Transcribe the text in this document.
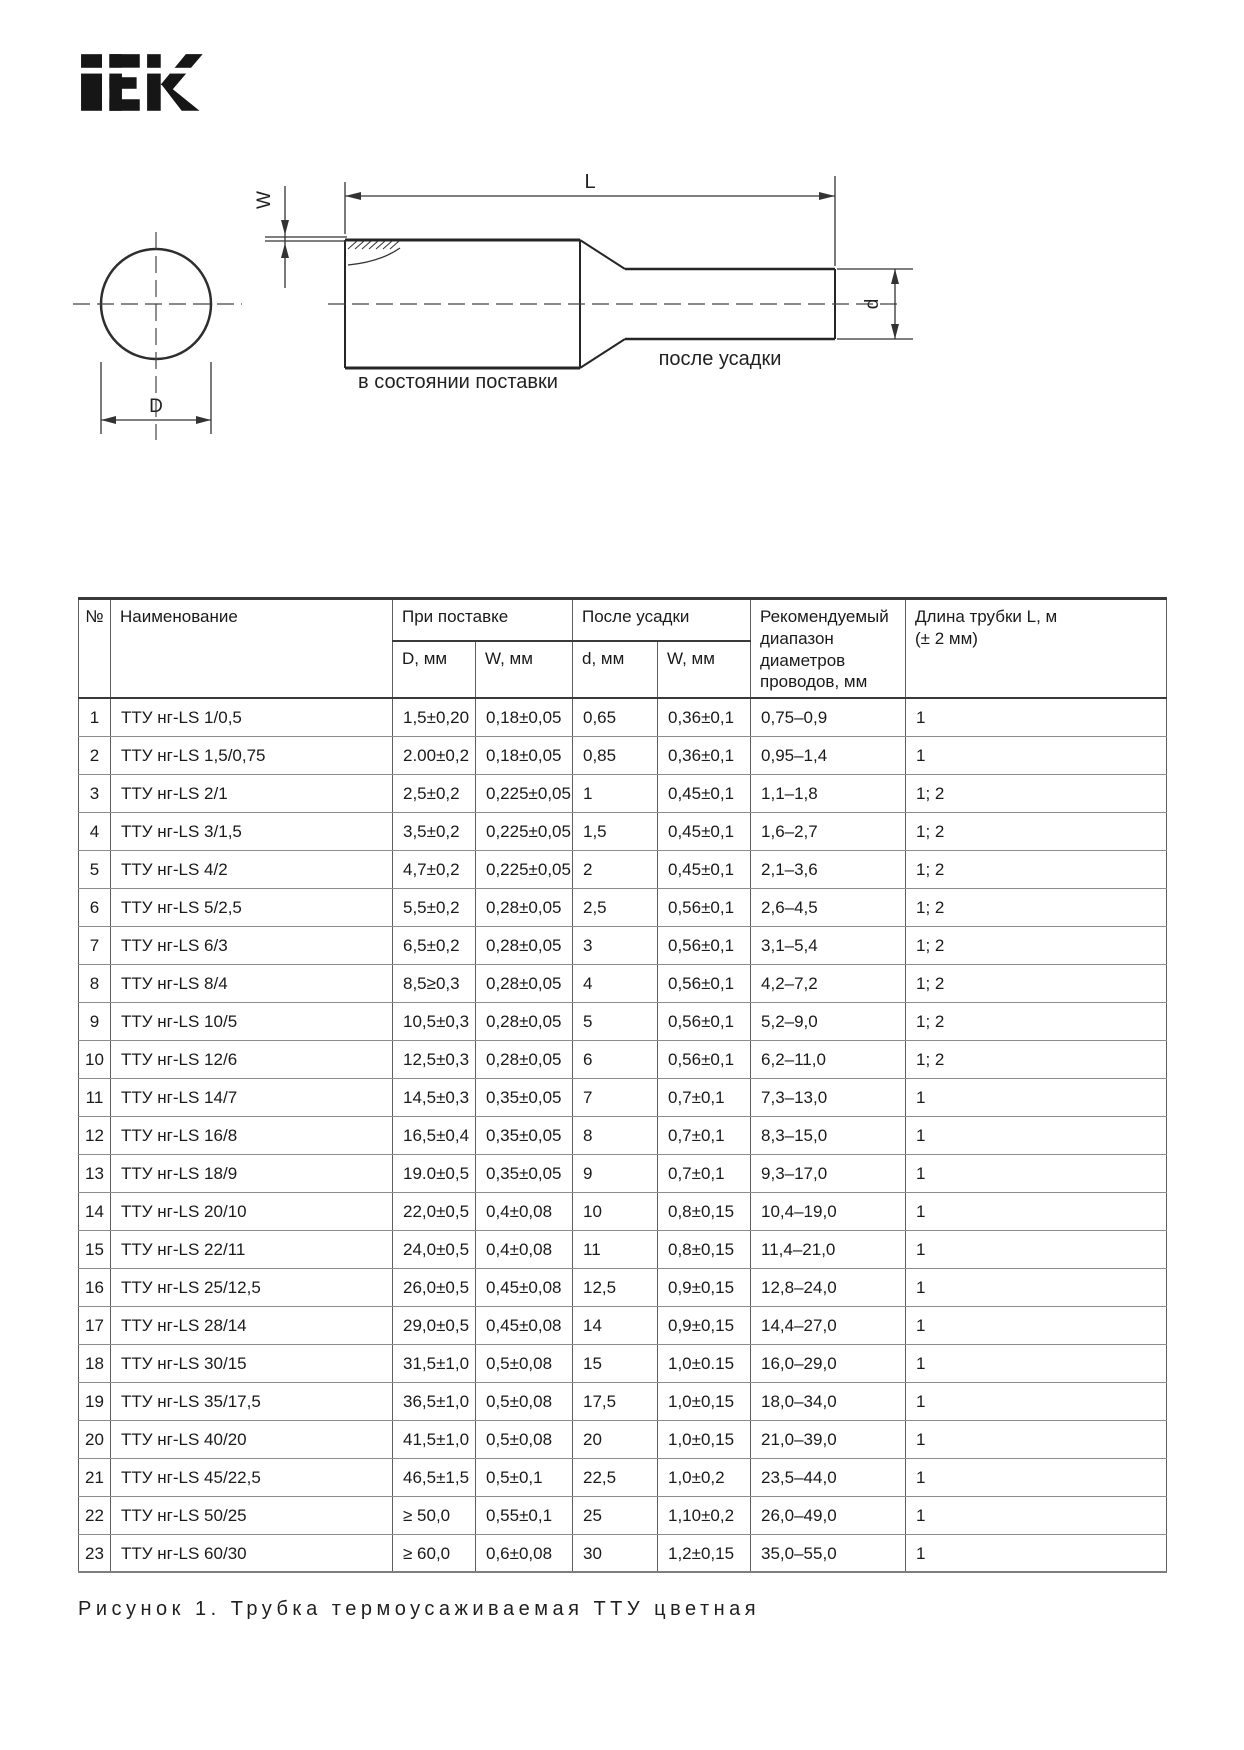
D
W
L
d
в состоянии поставки
после усадки
№	Наименование	При поставке		После усадки		Рекомендуемый
диапазон диаметров
проводов, мм	Длина трубки L, м
(± 2 мм)

		D, мм	W, мм	d, мм	W, мм		
1	ТТУ нг-LS 1/0,5	1,5±0,20	0,18±0,05	0,65	0,36±0,1	0,75–0,9	1
2	ТТУ нг-LS 1,5/0,75	2.00±0,2	0,18±0,05	0,85	0,36±0,1	0,95–1,4	1
3	ТТУ нг-LS 2/1	2,5±0,2	0,225±0,05	1	0,45±0,1	1,1–1,8	1; 2
4	ТТУ нг-LS 3/1,5	3,5±0,2	0,225±0,05	1,5	0,45±0,1	1,6–2,7	1; 2
5	ТТУ нг-LS 4/2	4,7±0,2	0,225±0,05	2	0,45±0,1	2,1–3,6	1; 2
6	ТТУ нг-LS 5/2,5	5,5±0,2	0,28±0,05	2,5	0,56±0,1	2,6–4,5	1; 2
7	ТТУ нг-LS 6/3	6,5±0,2	0,28±0,05	3	0,56±0,1	3,1–5,4	1; 2
8	ТТУ нг-LS 8/4	8,5≥0,3	0,28±0,05	4	0,56±0,1	4,2–7,2	1; 2
9	ТТУ нг-LS 10/5	10,5±0,3	0,28±0,05	5	0,56±0,1	5,2–9,0	1; 2
10	ТТУ нг-LS 12/6	12,5±0,3	0,28±0,05	6	0,56±0,1	6,2–11,0	1; 2
11	ТТУ нг-LS 14/7	14,5±0,3	0,35±0,05	7	0,7±0,1	7,3–13,0	1
12	ТТУ нг-LS 16/8	16,5±0,4	0,35±0,05	8	0,7±0,1	8,3–15,0	1
13	ТТУ нг-LS 18/9	19.0±0,5	0,35±0,05	9	0,7±0,1	9,3–17,0	1
14	ТТУ нг-LS 20/10	22,0±0,5	0,4±0,08	10	0,8±0,15	10,4–19,0	1
15	ТТУ нг-LS 22/11	24,0±0,5	0,4±0,08	11	0,8±0,15	11,4–21,0	1
16	ТТУ нг-LS 25/12,5	26,0±0,5	0,45±0,08	12,5	0,9±0,15	12,8–24,0	1
17	ТТУ нг-LS 28/14	29,0±0,5	0,45±0,08	14	0,9±0,15	14,4–27,0	1
18	ТТУ нг-LS 30/15	31,5±1,0	0,5±0,08	15	1,0±0.15	16,0–29,0	1
19	ТТУ нг-LS 35/17,5	36,5±1,0	0,5±0,08	17,5	1,0±0,15	18,0–34,0	1
20	ТТУ нг-LS 40/20	41,5±1,0	0,5±0,08	20	1,0±0,15	21,0–39,0	1
21	ТТУ нг-LS 45/22,5	46,5±1,5	0,5±0,1	22,5	1,0±0,2	23,5–44,0	1
22	ТТУ нг-LS 50/25	≥ 50,0	0,55±0,1	25	1,10±0,2	26,0–49,0	1
23	ТТУ нг-LS 60/30	≥ 60,0	0,6±0,08	30	1,2±0,15	35,0–55,0	1
Рисунок 1. Трубка термоусаживаемая ТТУ цветная
